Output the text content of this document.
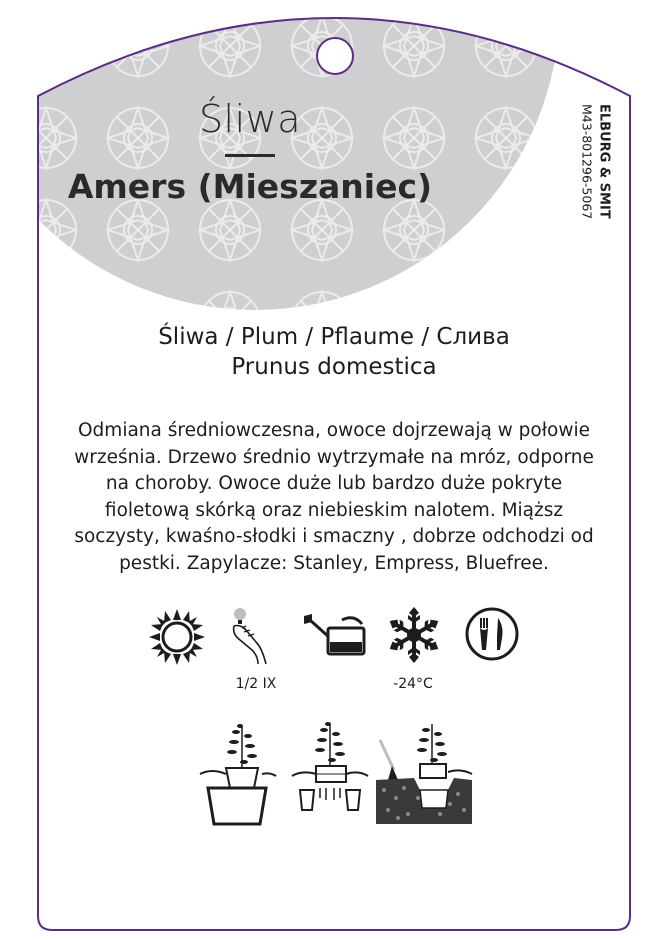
Śliwa
Amers (Mieszaniec)	ELBURG & SMIT
M43-801296-5067
Śliwa / Plum / Pflaume / Слива
Prunus domestica
Odmiana średniowczesna, owoce dojrzewają w połowie
września. Drzewo średnio wytrzymałe na mróz, odporne
na choroby. Owoce duże lub bardzo duże pokryte
fioletową skórką oraz niebieskim nalotem. Miąższ
soczysty, kwaśno-słodki i smaczny , dobrze odchodzi od
pestki. Zapylacze: Stanley, Empress, Bluefree.
1/2 IX	-24°C
